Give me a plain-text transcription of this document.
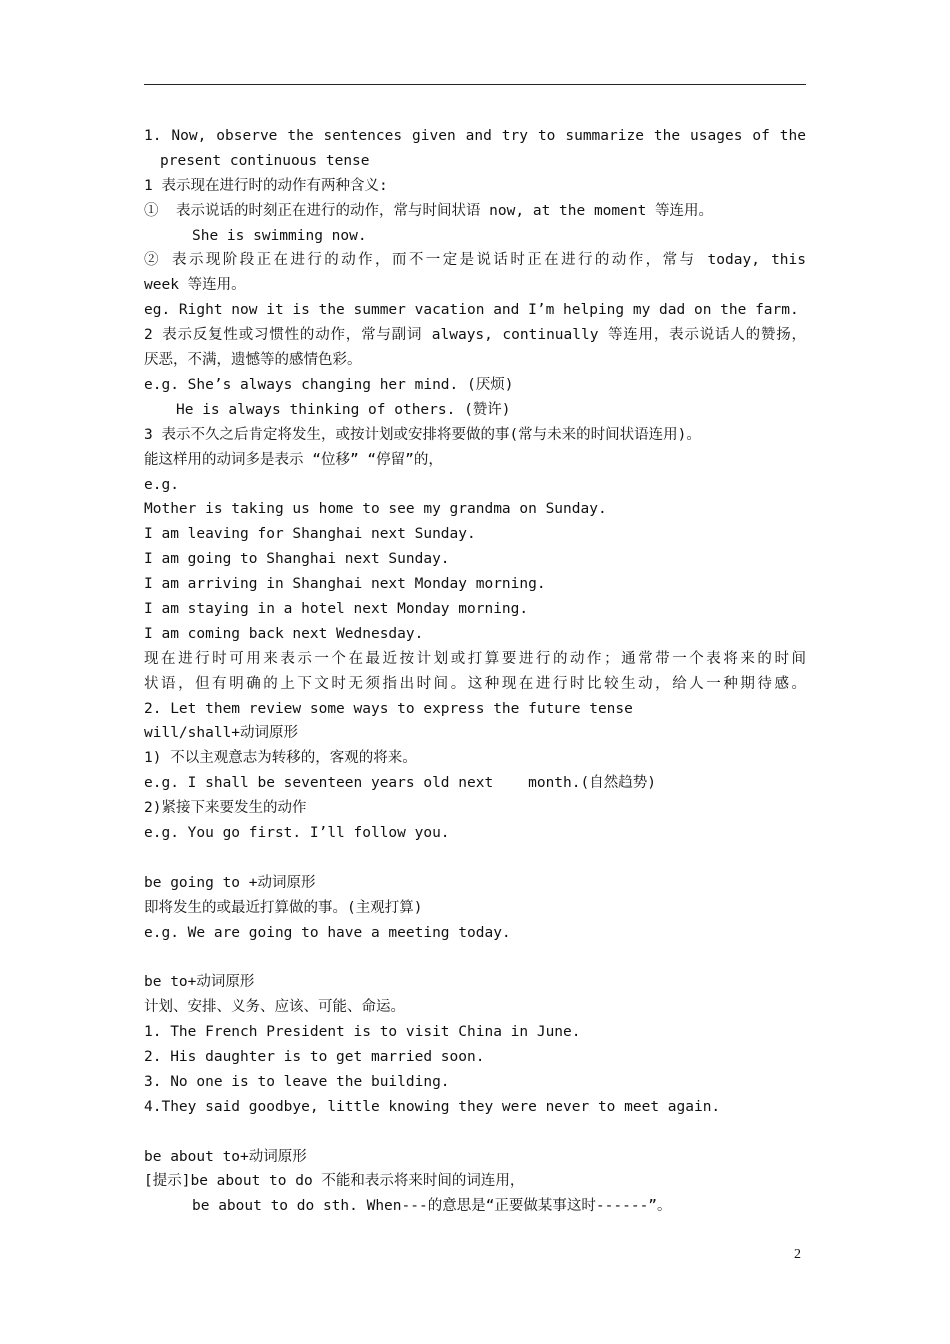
1. Now, observe the sentences given and try to summarize the usages of the
present continuous tense
1 表示现在进行时的动作有两种含义:
①  表示说话的时刻正在进行的动作，常与时间状语 now, at the moment 等连用。
She is swimming now.
② 表示现阶段正在进行的动作，而不一定是说话时正在进行的动作，常与 today, this
week 等连用。
eg. Right now it is the summer vacation and I’m helping my dad on the farm.
2 表示反复性或习惯性的动作，常与副词 always, continually 等连用，表示说话人的赞扬，
厌恶，不满，遗憾等的感情色彩。
e.g. She’s always changing her mind. (厌烦)
He is always thinking of others. (赞许)
3 表示不久之后肯定将发生，或按计划或安排将要做的事(常与未来的时间状语连用)。
能这样用的动词多是表示 “位移” “停留”的，
e.g.
Mother is taking us home to see my grandma on Sunday.
I am leaving for Shanghai next Sunday.
I am going to Shanghai next Sunday.
I am arriving in Shanghai next Monday morning.
I am staying in a hotel next Monday morning.
I am coming back next Wednesday.
现在进行时可用来表示一个在最近按计划或打算要进行的动作；通常带一个表将来的时间
状语，但有明确的上下文时无须指出时间。这种现在进行时比较生动，给人一种期待感。
2. Let them review some ways to express the future tense
will/shall+动词原形
1) 不以主观意志为转移的，客观的将来。
e.g. I shall be seventeen years old next    month.(自然趋势)
2)紧接下来要发生的动作
e.g. You go first. I’ll follow you.
be going to +动词原形
即将发生的或最近打算做的事。(主观打算)
e.g. We are going to have a meeting today.
be to+动词原形
计划、安排、义务、应该、可能、命运。
1. The French President is to visit China in June.
2. His daughter is to get married soon.
3. No one is to leave the building.
4.They said goodbye, little knowing they were never to meet again.
be about to+动词原形
[提示]be about to do 不能和表示将来时间的词连用，
be about to do sth. When---的意思是“正要做某事这时------”。
2
